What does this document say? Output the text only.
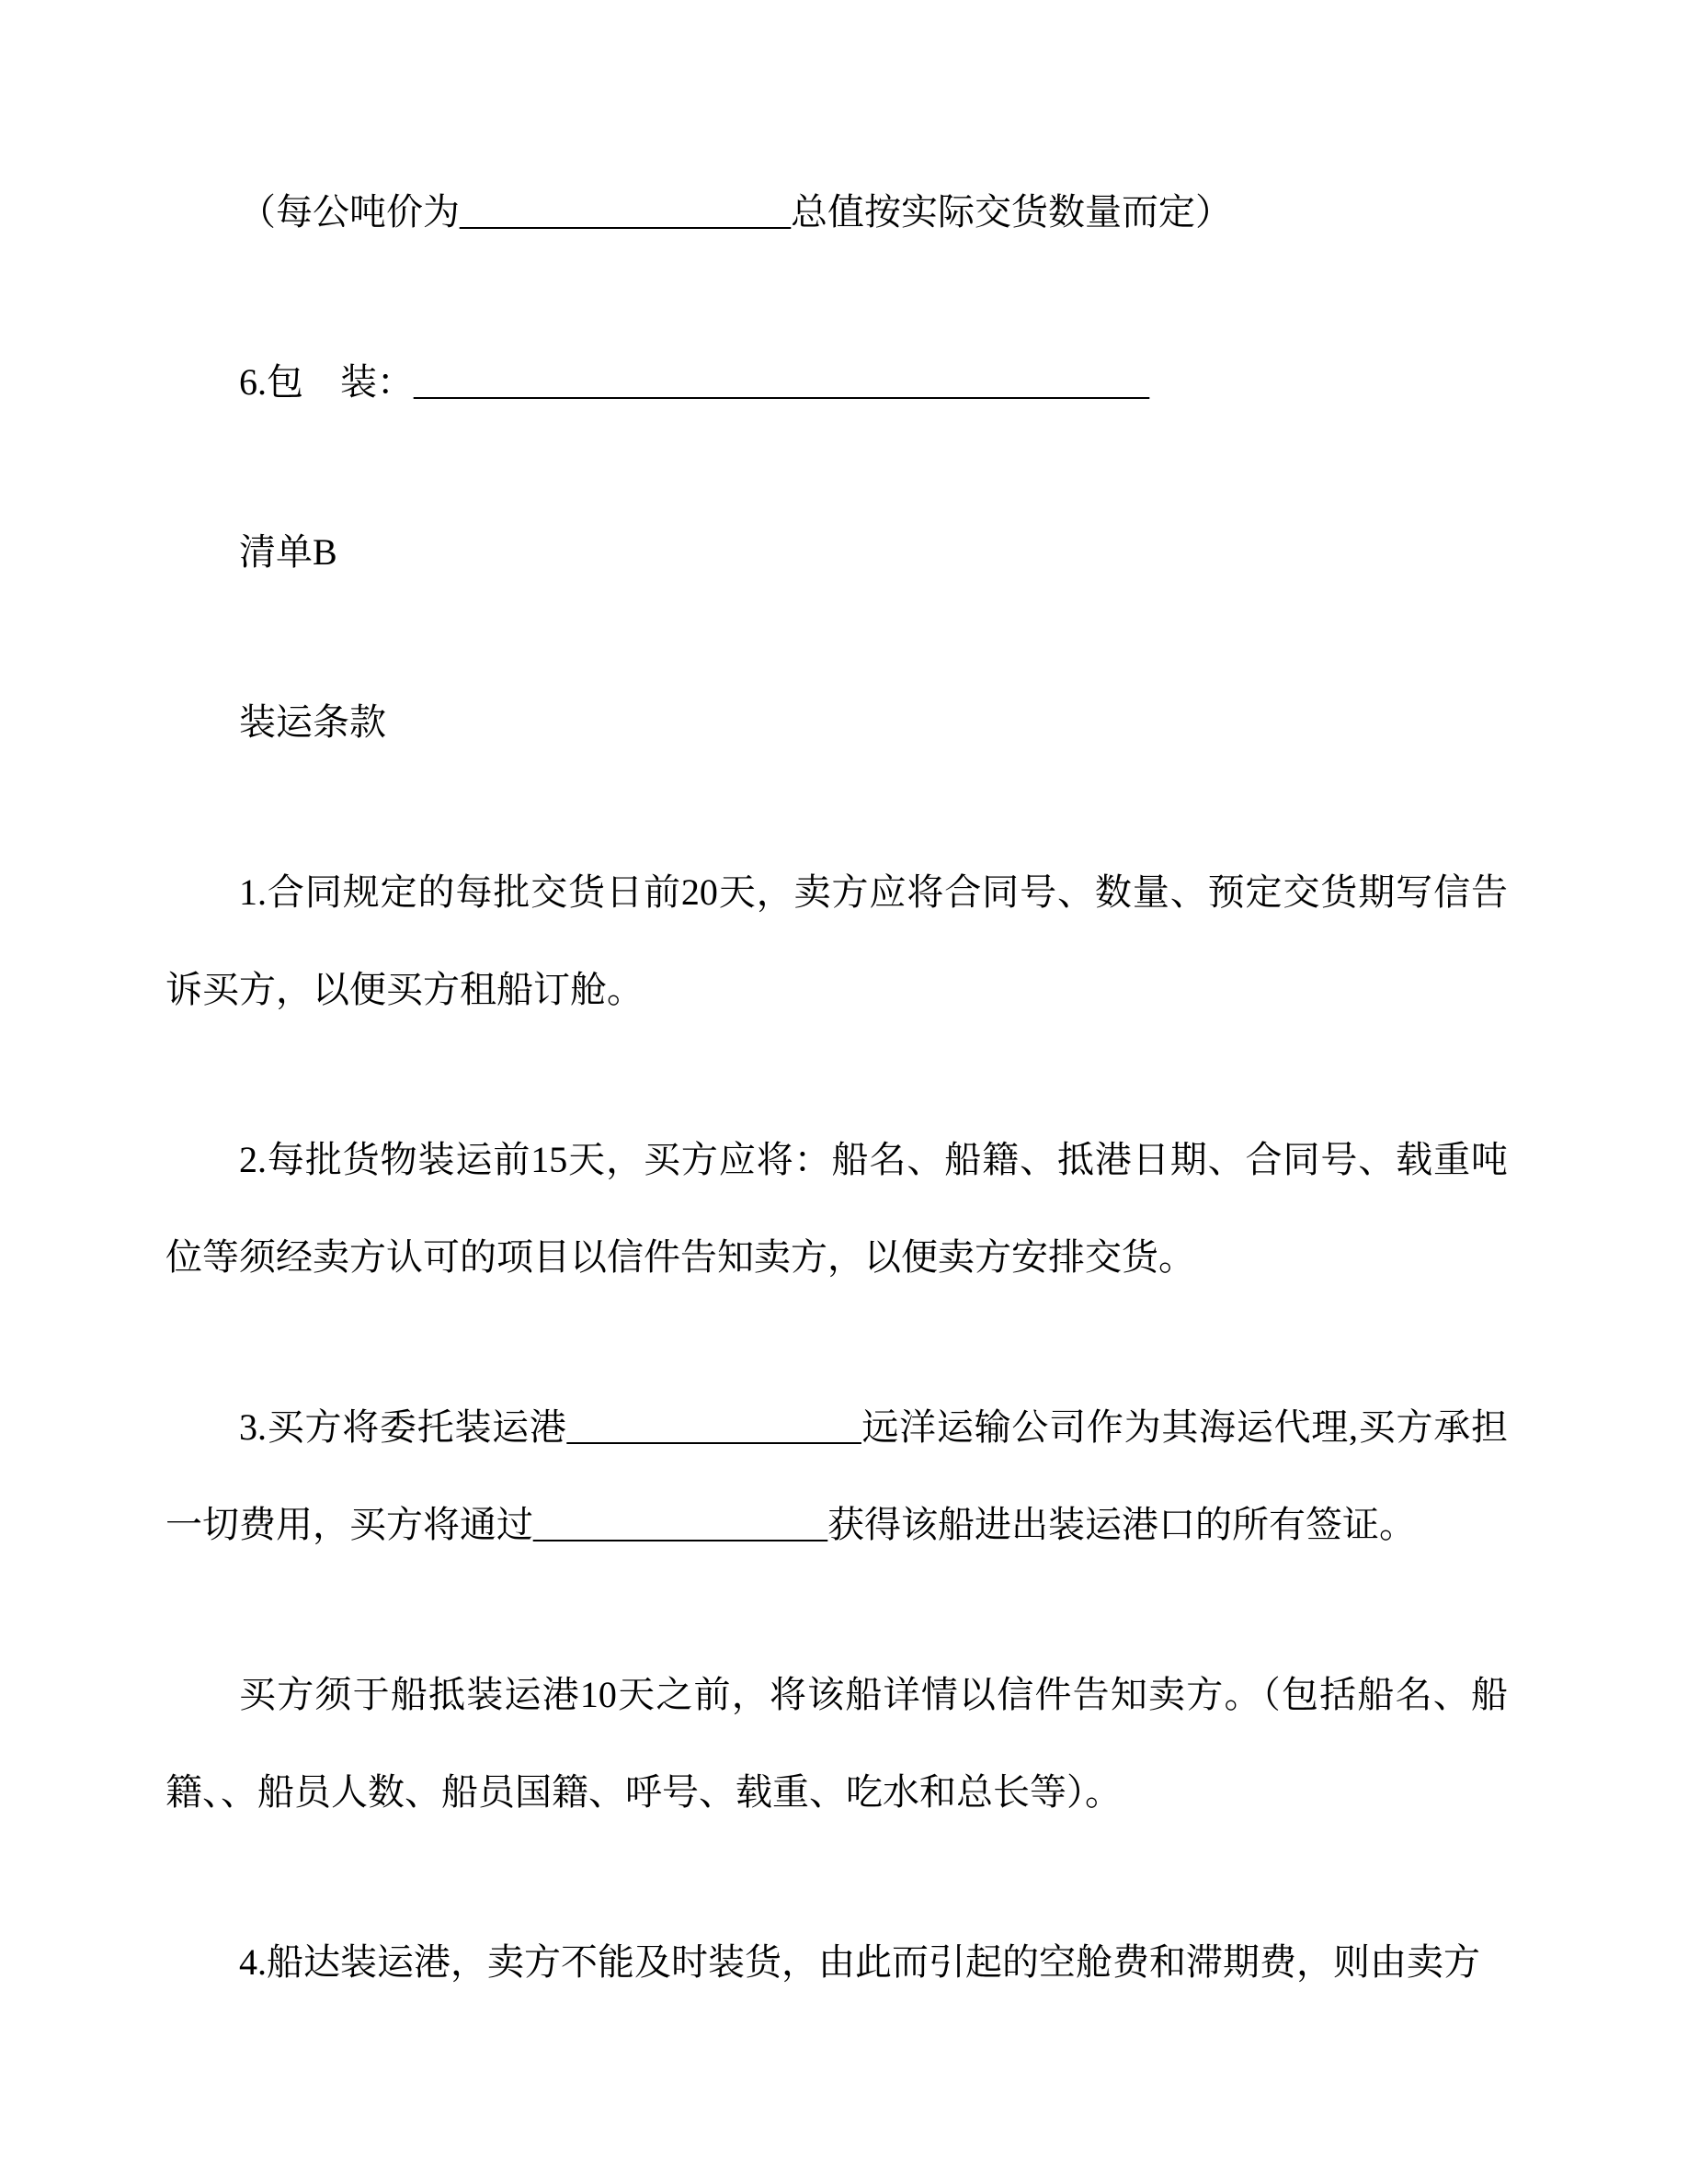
（每公吨价为__________________总值按实际交货数量而定）

6.包　装：________________________________________

清单B

装运条款

1.合同规定的每批交货日前20天，卖方应将合同号、数量、预定交货期写信告诉买方，以便买方租船订舱。

2.每批货物装运前15天，买方应将：船名、船籍、抵港日期、合同号、载重吨位等须经卖方认可的项目以信件告知卖方，以便卖方安排交货。

3.买方将委托装运港________________远洋运输公司作为其海运代理,买方承担一切费用，买方将通过________________获得该船进出装运港口的所有签证。

买方须于船抵装运港10天之前，将该船详情以信件告知卖方。（包括船名、船籍、、船员人数、船员国籍、呼号、载重、吃水和总长等）。

4.船达装运港，卖方不能及时装货，由此而引起的空舱费和滞期费，则由卖方
